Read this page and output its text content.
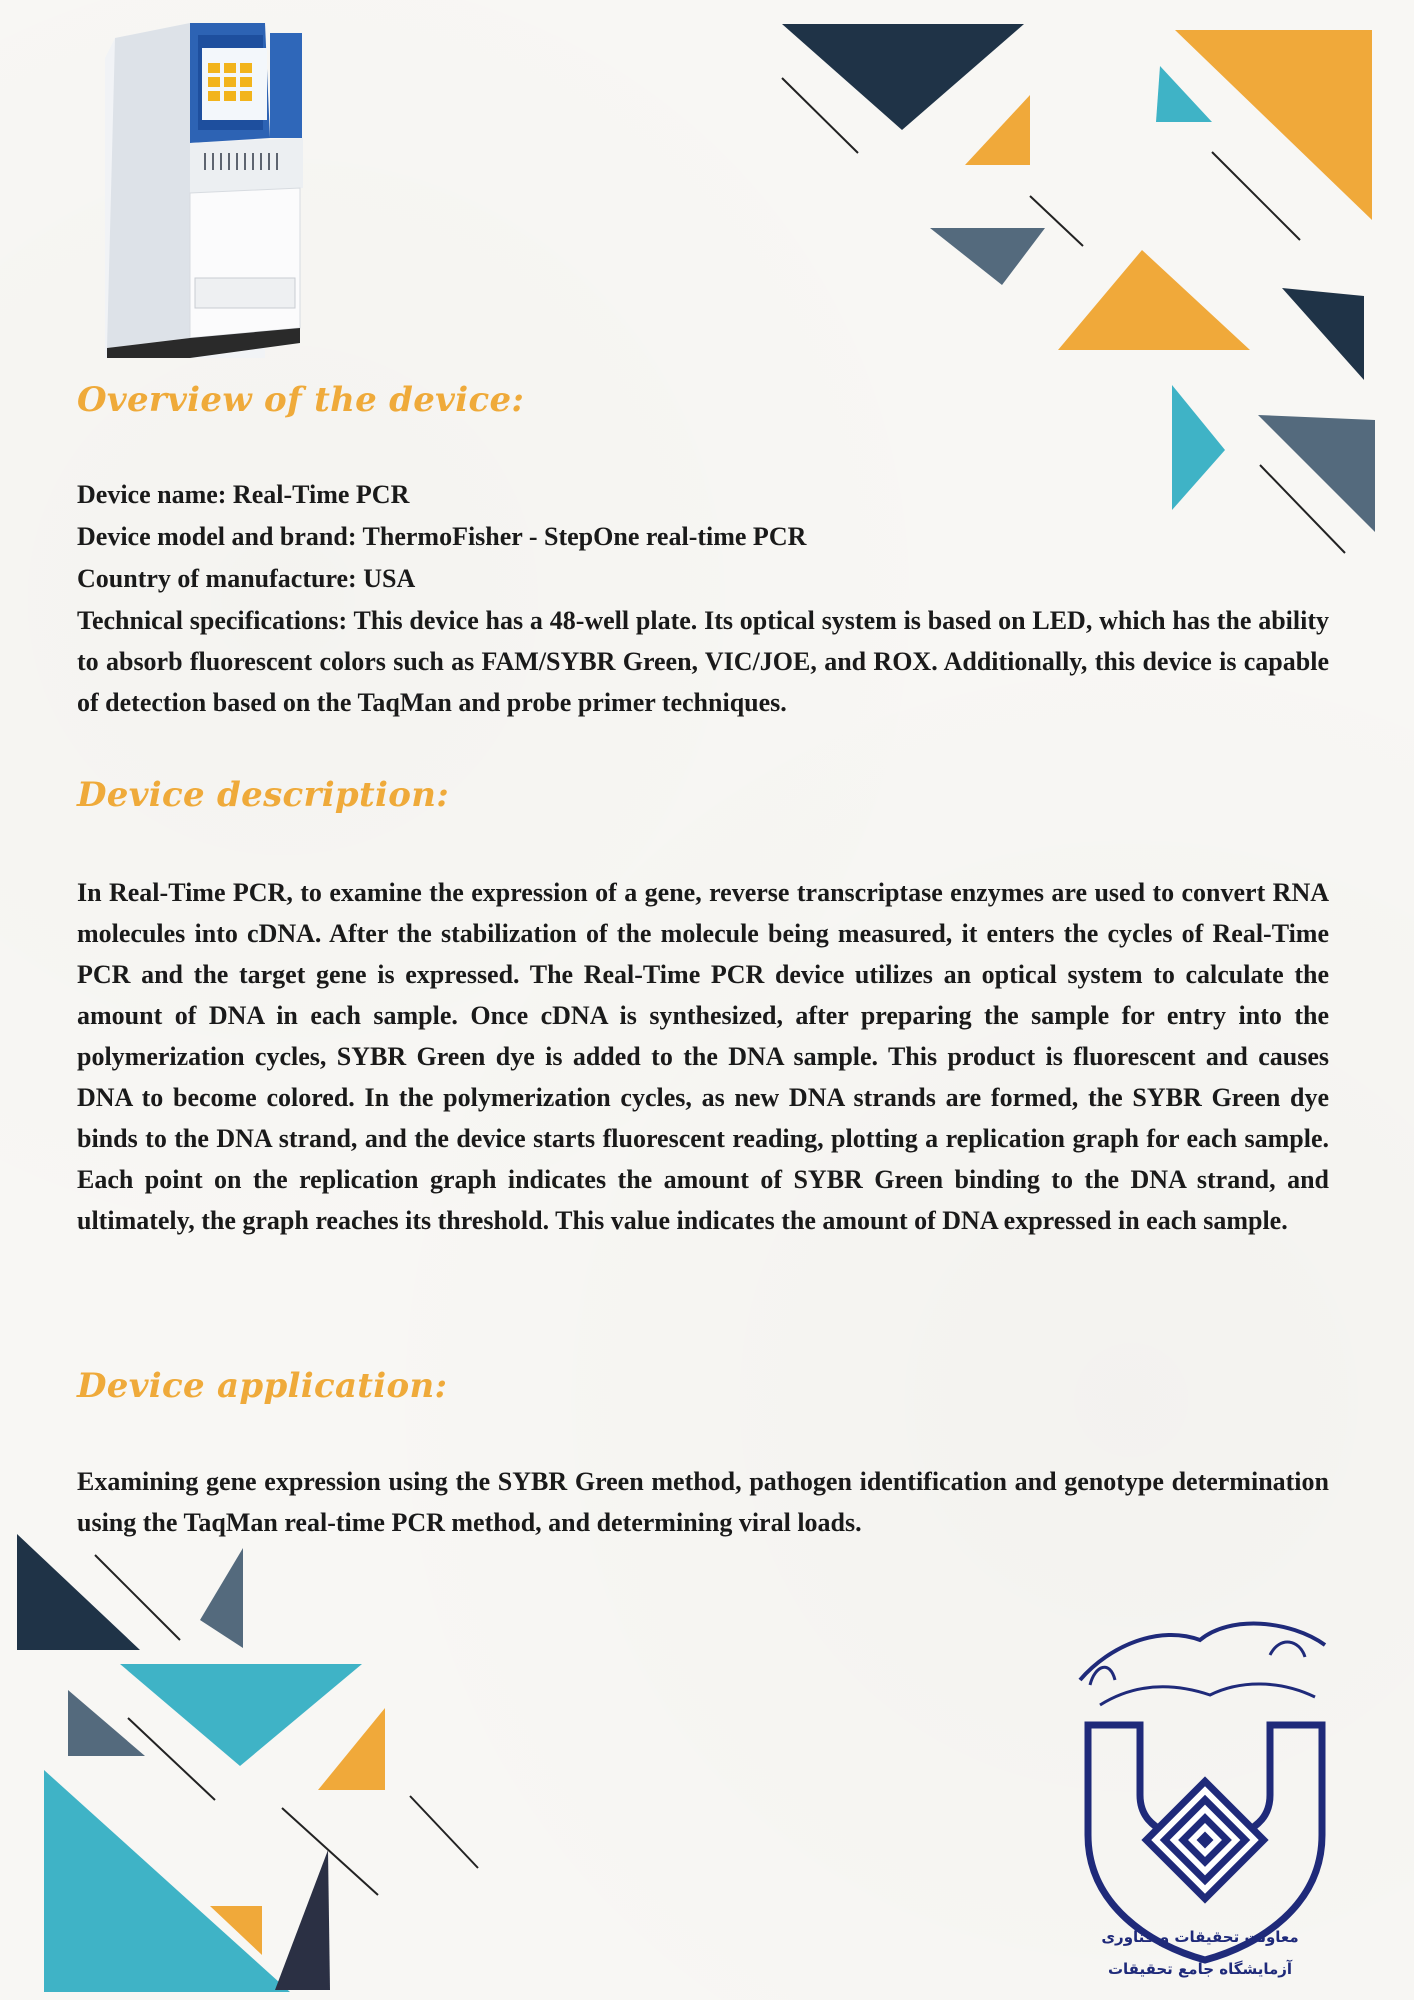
Overview of the device:

Device name: Real-Time PCR

Device model and brand: ThermoFisher - StepOne real-time PCR

Country of manufacture: USA

Technical specifications: This device has a 48-well plate. Its optical system is based on LED, which has the ability to absorb fluorescent colors such as FAM/SYBR Green, VIC/JOE, and ROX. Additionally, this device is capable of detection based on the TaqMan and probe primer techniques.

Device description:

In Real-Time PCR, to examine the expression of a gene, reverse transcriptase enzymes are used to convert RNA molecules into cDNA. After the stabilization of the molecule being measured, it enters the cycles of Real-Time PCR and the target gene is expressed. The Real-Time PCR device utilizes an optical system to calculate the amount of DNA in each sample. Once cDNA is synthesized, after preparing the sample for entry into the polymerization cycles, SYBR Green dye is added to the DNA sample. This product is fluorescent and causes DNA to become colored. In the polymerization cycles, as new DNA strands are formed, the SYBR Green dye binds to the DNA strand, and the device starts fluorescent reading, plotting a replication graph for each sample. Each point on the replication graph indicates the amount of SYBR Green binding to the DNA strand, and ultimately, the graph reaches its threshold. This value indicates the amount of DNA expressed in each sample.

Device application:

Examining gene expression using the SYBR Green method, pathogen identification and genotype determination using the TaqMan real-time PCR method, and determining viral loads.

معاونت تحقیقات و فناوری
آزمایشگاه جامع تحقیقات
